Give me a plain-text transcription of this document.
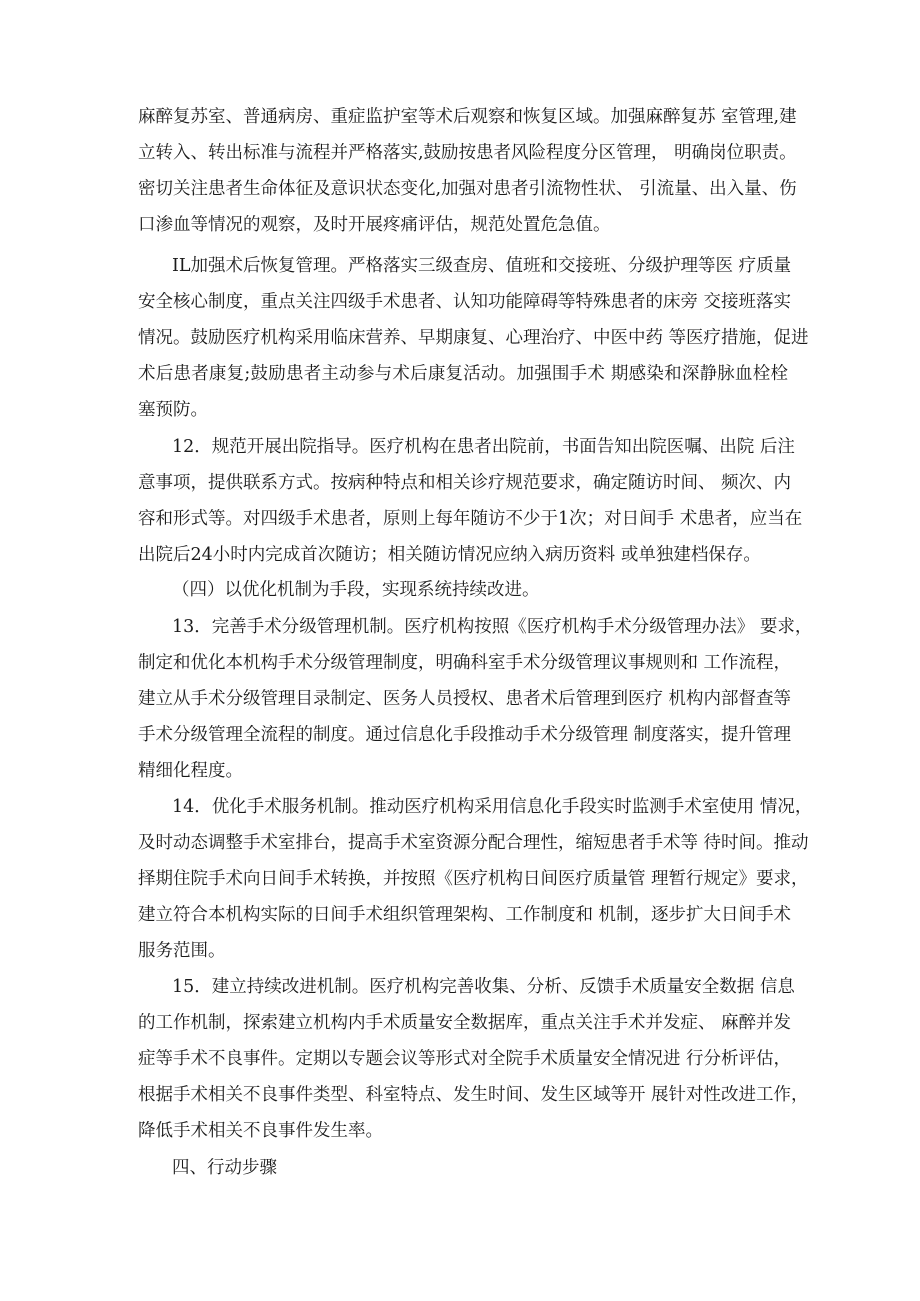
麻醉复苏室、普通病房、重症监护室等术后观察和恢复区域。加强麻醉复苏 室管理,建
立转入、转出标准与流程并严格落实,鼓励按患者风险程度分区管理， 明确岗位职责。
密切关注患者生命体征及意识状态变化,加强对患者引流物性状、 引流量、出入量、伤
口渗血等情况的观察，及时开展疼痛评估，规范处置危急值。
IL加强术后恢复管理。严格落实三级查房、值班和交接班、分级护理等医 疗质量
安全核心制度，重点关注四级手术患者、认知功能障碍等特殊患者的床旁 交接班落实
情况。鼓励医疗机构采用临床营养、早期康复、心理治疗、中医中药 等医疗措施，促进
术后患者康复;鼓励患者主动参与术后康复活动。加强围手术 期感染和深静脉血栓栓
塞预防。
12．规范开展出院指导。医疗机构在患者出院前，书面告知出院医嘱、出院 后注
意事项，提供联系方式。按病种特点和相关诊疗规范要求，确定随访时间、 频次、内
容和形式等。对四级手术患者，原则上每年随访不少于1次；对日间手 术患者，应当在
出院后24小时内完成首次随访；相关随访情况应纳入病历资料 或单独建档保存。
（四）以优化机制为手段，实现系统持续改进。
13．完善手术分级管理机制。医疗机构按照《医疗机构手术分级管理办法》 要求，
制定和优化本机构手术分级管理制度，明确科室手术分级管理议事规则和 工作流程，
建立从手术分级管理目录制定、医务人员授权、患者术后管理到医疗 机构内部督查等
手术分级管理全流程的制度。通过信息化手段推动手术分级管理 制度落实，提升管理
精细化程度。
14．优化手术服务机制。推动医疗机构采用信息化手段实时监测手术室使用 情况，
及时动态调整手术室排台，提高手术室资源分配合理性，缩短患者手术等 待时间。推动
择期住院手术向日间手术转换，并按照《医疗机构日间医疗质量管 理暂行规定》要求，
建立符合本机构实际的日间手术组织管理架构、工作制度和 机制，逐步扩大日间手术
服务范围。
15．建立持续改进机制。医疗机构完善收集、分析、反馈手术质量安全数据 信息
的工作机制，探索建立机构内手术质量安全数据库，重点关注手术并发症、 麻醉并发
症等手术不良事件。定期以专题会议等形式对全院手术质量安全情况进 行分析评估，
根据手术相关不良事件类型、科室特点、发生时间、发生区域等开 展针对性改进工作，
降低手术相关不良事件发生率。
四、行动步骤
